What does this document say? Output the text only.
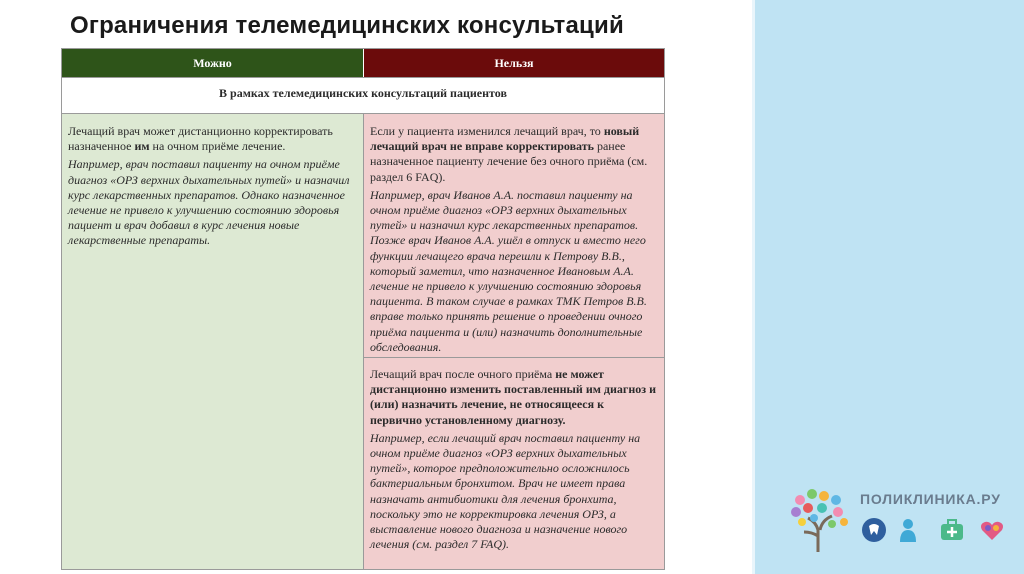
Ограничения телемедицинских консультаций
Можно	Нельзя
В рамках телемедицинских консультаций пациентов

Лечащий врач может дистанционно корректировать назначенное им на очном приёме лечение.

Например, врач поставил пациенту на очном приёме диагноз «ОРЗ верхних дыхательных путей» и назначил курс лекарственных препаратов. Однако назначенное лечение не привело к улучшению состоянию здоровья пациент и врач добавил в курс лечения новые лекарственные препараты.

Если у пациента изменился лечащий врач, то новый лечащий врач не вправе корректировать ранее назначенное пациенту лечение без очного приёма (см. раздел 6 FAQ).

Например, врач Иванов А.А. поставил пациенту на очном приёме диагноз «ОРЗ верхних дыхательных путей» и назначил курс лекарственных препаратов. Позже врач Иванов А.А. ушёл в отпуск и вместо него функции лечащего врача перешли к Петрову В.В., который заметил, что назначенное Ивановым А.А. лечение не привело к улучшению состоянию здоровья пациента. В таком случае в рамках ТМК Петров В.В. вправе только принять решение о проведении очного приёма пациента и (или) назначить дополнительные обследования.

Лечащий врач после очного приёма не может дистанционно изменить поставленный им диагноз и (или) назначить лечение, не относящееся к первично установленному диагнозу.

Например, если лечащий врач поставил пациенту на очном приёме диагноз «ОРЗ верхних дыхательных путей», которое предположительно осложнилось бактериальным бронхитом. Врач не имеет права назначать антибиотики для лечения бронхита, поскольку это не корректировка лечения ОРЗ, а выставление нового диагноза и назначение нового лечения (см. раздел 7 FAQ).

ПОЛИКЛИНИКА.РУ
